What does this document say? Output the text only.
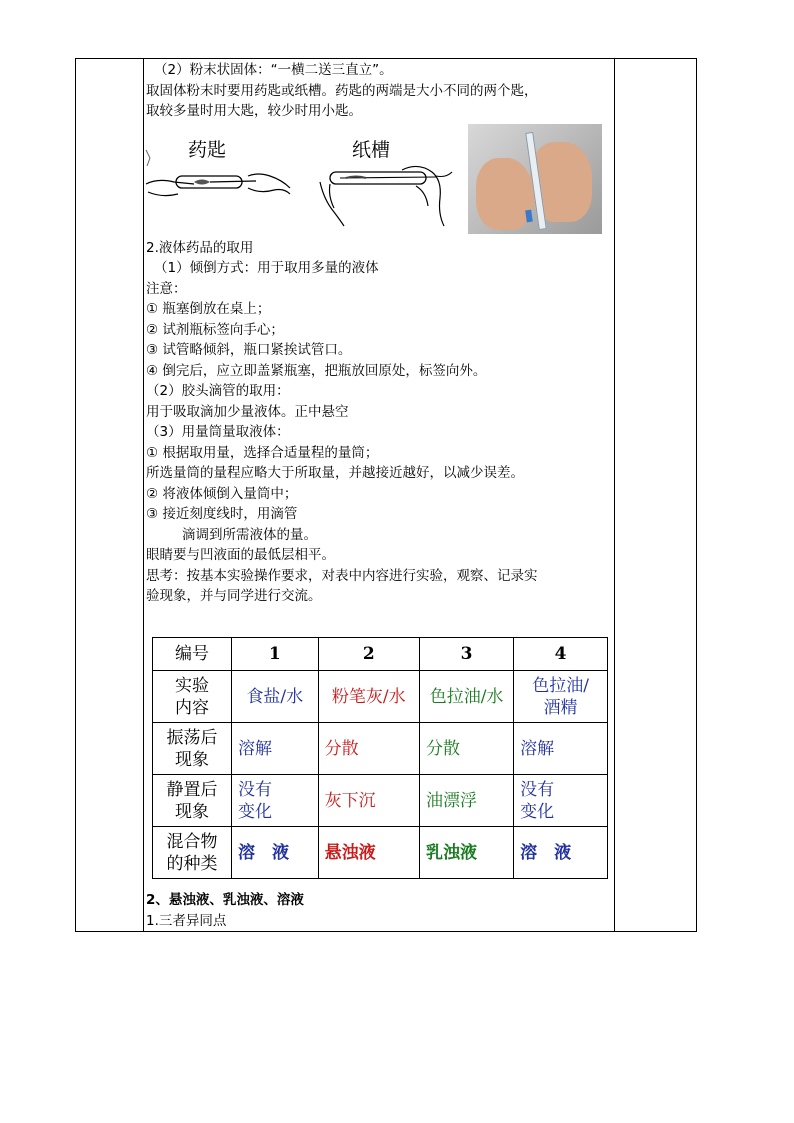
（2）粉末状固体：“一横二送三直立”。

取固体粉末时要用药匙或纸槽。药匙的两端是大小不同的两个匙，

取较多量时用大匙，较少时用小匙。

药匙	纸槽

2.液体药品的取用

（1）倾倒方式：用于取用多量的液体

注意：

① 瓶塞倒放在桌上；

② 试剂瓶标签向手心；

③ 试管略倾斜，瓶口紧挨试管口。

④ 倒完后，应立即盖紧瓶塞，把瓶放回原处，标签向外。

（2）胶头滴管的取用：

用于吸取滴加少量液体。正中悬空

（3）用量筒量取液体：

① 根据取用量，选择合适量程的量筒；

所选量筒的量程应略大于所取量，并越接近越好，以减少误差。

② 将液体倾倒入量筒中；

③ 接近刻度线时，用滴管

滴调到所需液体的量。

眼睛要与凹液面的最低层相平。

思考：按基本实验操作要求，对表中内容进行实验，观察、记录实

验现象，并与同学进行交流。

编号	1	2	3	4
实验
内容	食盐/水	粉笔灰/水	色拉油/水	色拉油/
酒精
振荡后
现象	溶解	分散	分散	溶解

静置后
现象	没有
变化	灰下沉	油漂浮	没有
变化
混合物
的种类	溶　液	悬浊液	乳浊液	溶　液

2、悬浊液、乳浊液、溶液

1.三者异同点
